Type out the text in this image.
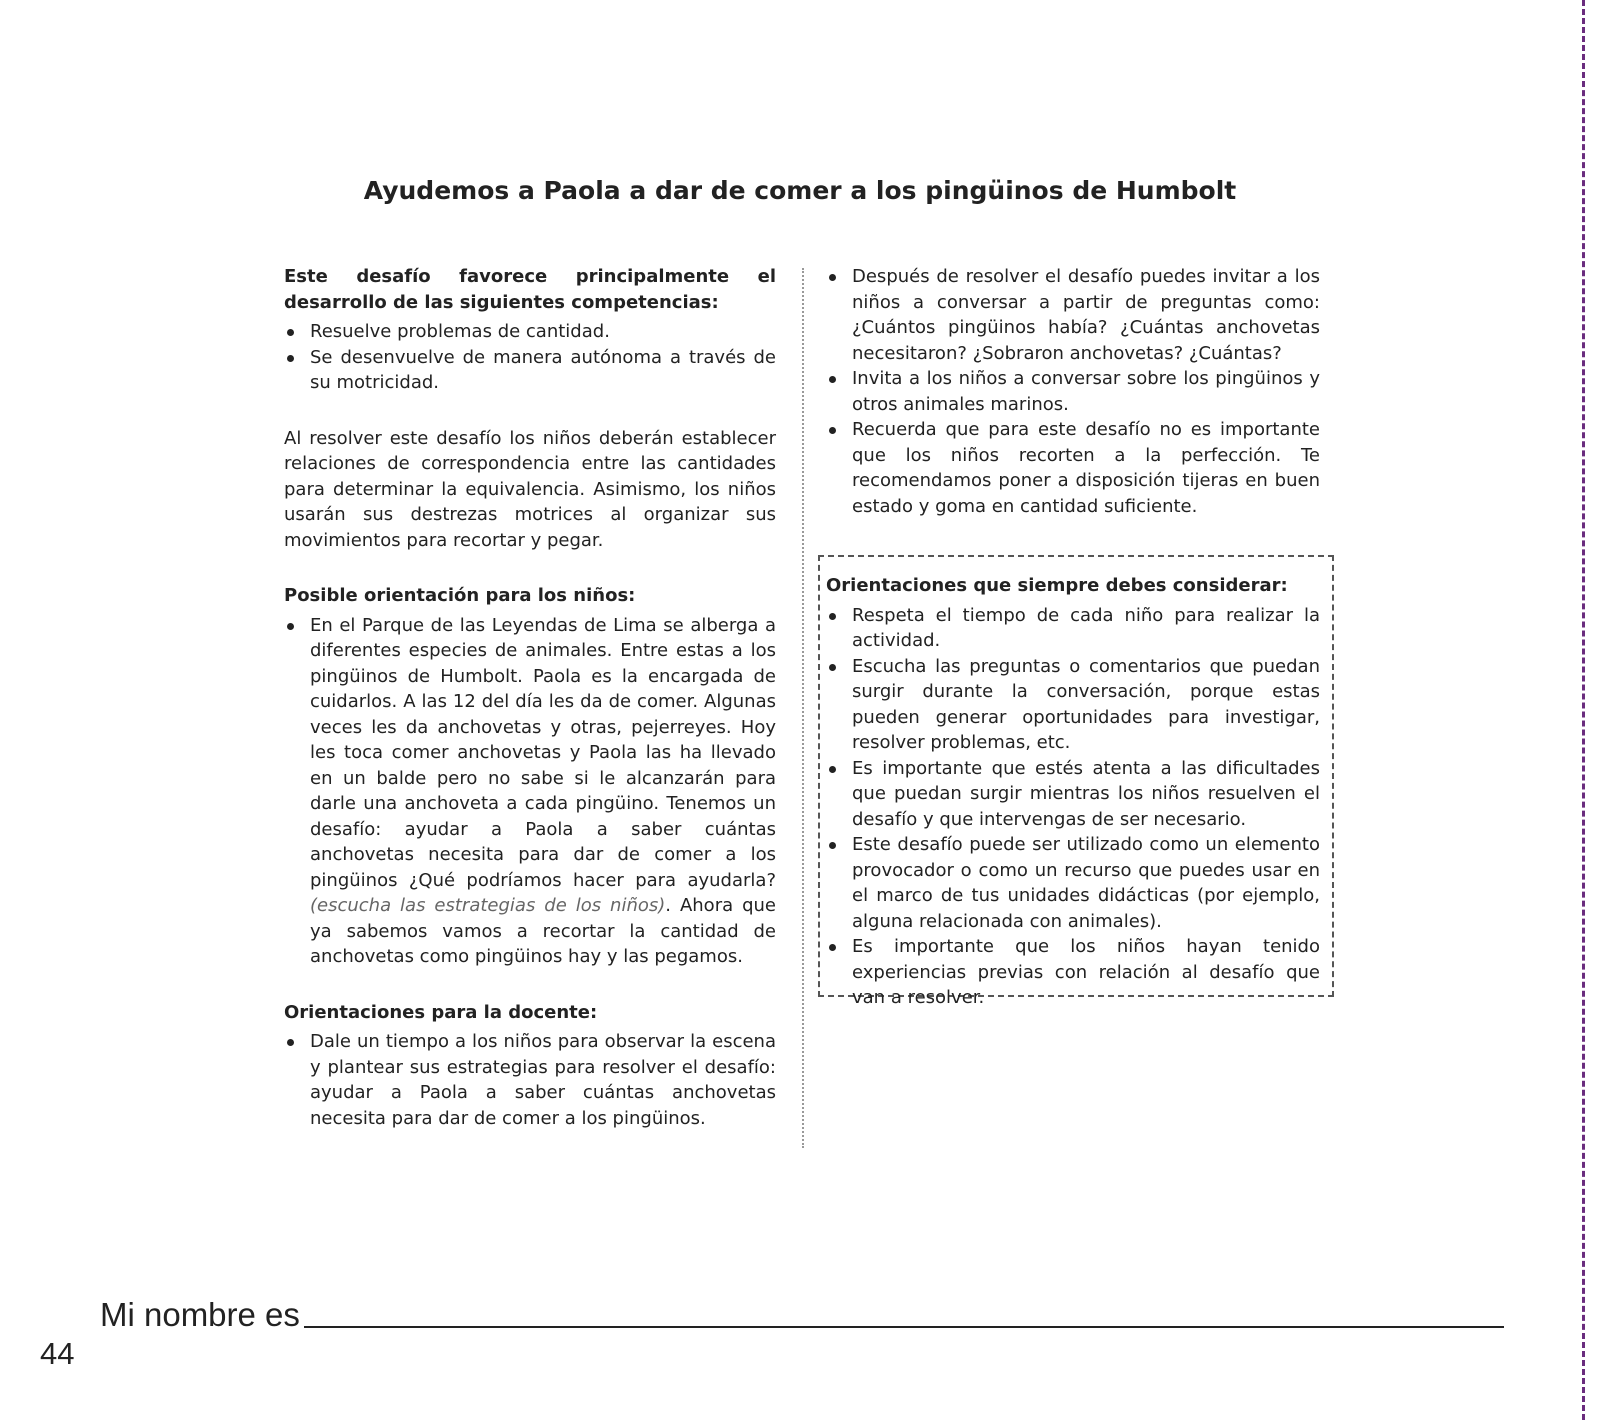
Ayudemos a Paola a dar de comer a los pingüinos de Humbolt

Este desafío favorece principalmente el desarrollo de las siguientes competencias:

Resuelve problemas de cantidad.
Se desenvuelve de manera autónoma a través de su motricidad.

Al resolver este desafío los niños deberán establecer relaciones de correspondencia entre las cantidades para determinar la equivalencia. Asimismo, los niños usarán sus destrezas motrices al organizar sus movimientos para recortar y pegar.

Posible orientación para los niños:

En el Parque de las Leyendas de Lima se alberga a diferentes especies de animales. Entre estas a los pingüinos de Humbolt. Paola es la encargada de cuidarlos. A las 12 del día les da de comer. Algunas veces les da anchovetas y otras, pejerreyes. Hoy les toca comer anchovetas y Paola las ha llevado en un balde pero no sabe si le alcanzarán para darle una anchoveta a cada pingüino. Tenemos un desafío: ayudar a Paola a saber cuántas anchovetas necesita para dar de comer a los pingüinos ¿Qué podríamos hacer para ayudarla? (escucha las estrategias de los niños). Ahora que ya sabemos vamos a recortar la cantidad de anchovetas como pingüinos hay y las pegamos.

Orientaciones para la docente:

Dale un tiempo a los niños para observar la escena y plantear sus estrategias para resolver el desafío: ayudar a Paola a saber cuántas anchovetas necesita para dar de comer a los pingüinos.
Después de resolver el desafío puedes invitar a los niños a conversar a partir de preguntas como: ¿Cuántos pingüinos había? ¿Cuántas anchovetas necesitaron? ¿Sobraron anchovetas? ¿Cuántas?
Invita a los niños a conversar sobre los pingüinos y otros animales marinos.
Recuerda que para este desafío no es importante que los niños recorten a la perfección. Te recomendamos poner a disposición tijeras en buen estado y goma en cantidad suficiente.

Orientaciones que siempre debes considerar:

Respeta el tiempo de cada niño para realizar la actividad.
Escucha las preguntas o comentarios que puedan surgir durante la conversación, porque estas pueden generar oportunidades para investigar, resolver problemas, etc.
Es importante que estés atenta a las dificultades que puedan surgir mientras los niños resuelven el desafío y que intervengas de ser necesario.
Este desafío puede ser utilizado como un elemento provocador o como un recurso que puedes usar en el marco de tus unidades didácticas (por ejemplo, alguna relacionada con animales).
Es importante que los niños hayan tenido experiencias previas con relación al desafío que van a resolver.
Mi nombre es
44
